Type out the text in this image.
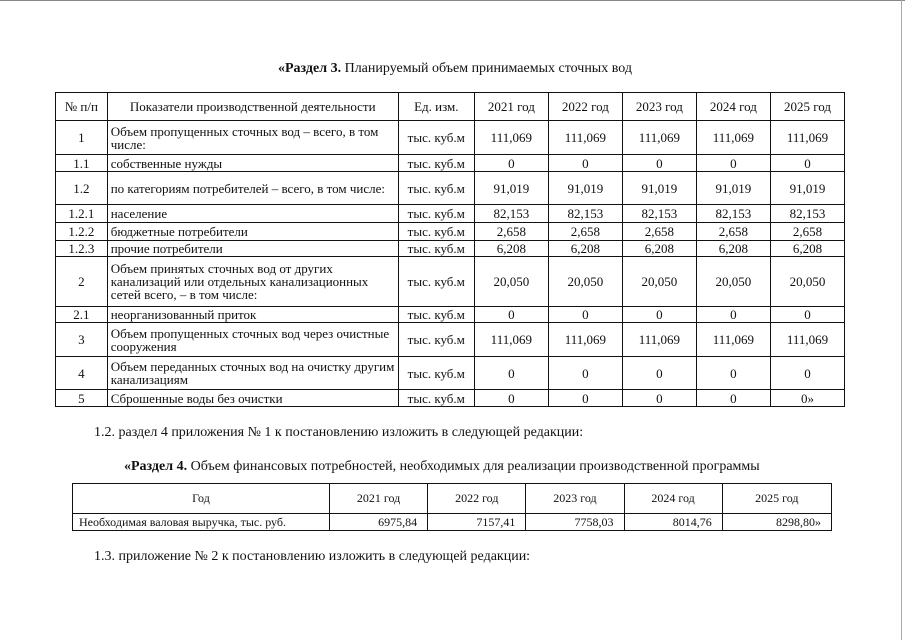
«Раздел 3. Планируемый объем принимаемых сточных вод
№ п/п	Показатели производственной деятельности	Ед. изм.	2021 год	2022 год	2023 год	2024 год	2025 год
1	Объем пропущенных сточных вод – всего, в том числе:	тыс. куб.м	111,069	111,069	111,069	111,069	111,069
1.1	собственные нужды	тыс. куб.м	0	0	0	0	0
1.2	по категориям потребителей – всего, в том числе:	тыс. куб.м	91,019	91,019	91,019	91,019	91,019
1.2.1	население	тыс. куб.м	82,153	82,153	82,153	82,153	82,153
1.2.2	бюджетные потребители	тыс. куб.м	2,658	2,658	2,658	2,658	2,658
1.2.3	прочие потребители	тыс. куб.м	6,208	6,208	6,208	6,208	6,208
2	Объем принятых сточных вод от других канализаций или отдельных канализационных сетей всего, – в том числе:	тыс. куб.м	20,050	20,050	20,050	20,050	20,050
2.1	неорганизованный приток	тыс. куб.м	0	0	0	0	0
3	Объем пропущенных сточных вод через очистные сооружения	тыс. куб.м	111,069	111,069	111,069	111,069	111,069
4	Объем переданных сточных вод на очистку другим канализациям	тыс. куб.м	0	0	0	0	0
5	Сброшенные воды без очистки	тыс. куб.м	0	0	0	0	0»
1.2. раздел 4 приложения № 1 к постановлению изложить в следующей редакции:
«Раздел 4. Объем финансовых потребностей, необходимых для реализации производственной программы
Год	2021 год	2022 год	2023 год	2024 год	2025 год
Необходимая валовая выручка, тыс. руб.	6975,84	7157,41	7758,03	8014,76	8298,80»
1.3. приложение № 2 к постановлению изложить в следующей редакции:
